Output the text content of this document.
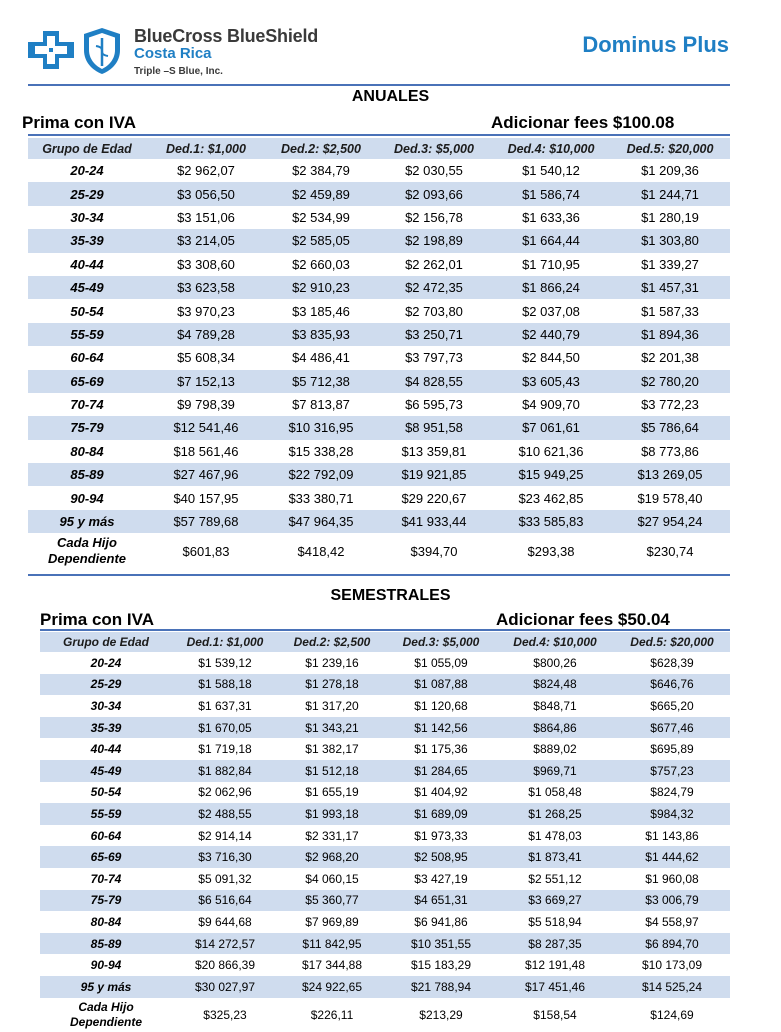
BlueCross BlueShield
Costa Rica
Triple –S Blue, Inc.
Dominus Plus
ANUALES
Prima con IVA	Adicionar fees $100.08
Grupo de Edad	Ded.1: $1,000	Ded.2: $2,500	Ded.3: $5,000	Ded.4: $10,000	Ded.5: $20,000
20-24	$2 962,07	$2 384,79	$2 030,55	$1 540,12	$1 209,36
25-29	$3 056,50	$2 459,89	$2 093,66	$1 586,74	$1 244,71
30-34	$3 151,06	$2 534,99	$2 156,78	$1 633,36	$1 280,19
35-39	$3 214,05	$2 585,05	$2 198,89	$1 664,44	$1 303,80
40-44	$3 308,60	$2 660,03	$2 262,01	$1 710,95	$1 339,27
45-49	$3 623,58	$2 910,23	$2 472,35	$1 866,24	$1 457,31
50-54	$3 970,23	$3 185,46	$2 703,80	$2 037,08	$1 587,33
55-59	$4 789,28	$3 835,93	$3 250,71	$2 440,79	$1 894,36
60-64	$5 608,34	$4 486,41	$3 797,73	$2 844,50	$2 201,38
65-69	$7 152,13	$5 712,38	$4 828,55	$3 605,43	$2 780,20
70-74	$9 798,39	$7 813,87	$6 595,73	$4 909,70	$3 772,23
75-79	$12 541,46	$10 316,95	$8 951,58	$7 061,61	$5 786,64
80-84	$18 561,46	$15 338,28	$13 359,81	$10 621,36	$8 773,86
85-89	$27 467,96	$22 792,09	$19 921,85	$15 949,25	$13 269,05
90-94	$40 157,95	$33 380,71	$29 220,67	$23 462,85	$19 578,40
95 y más	$57 789,68	$47 964,35	$41 933,44	$33 585,83	$27 954,24

Cada Hijo
Dependiente	$601,83	$418,42	$394,70	$293,38	$230,74
SEMESTRALES
Prima con IVA	Adicionar fees $50.04
Grupo de Edad	Ded.1: $1,000	Ded.2: $2,500	Ded.3: $5,000	Ded.4: $10,000	Ded.5: $20,000
20-24	$1 539,12	$1 239,16	$1 055,09	$800,26	$628,39
25-29	$1 588,18	$1 278,18	$1 087,88	$824,48	$646,76
30-34	$1 637,31	$1 317,20	$1 120,68	$848,71	$665,20
35-39	$1 670,05	$1 343,21	$1 142,56	$864,86	$677,46
40-44	$1 719,18	$1 382,17	$1 175,36	$889,02	$695,89
45-49	$1 882,84	$1 512,18	$1 284,65	$969,71	$757,23
50-54	$2 062,96	$1 655,19	$1 404,92	$1 058,48	$824,79
55-59	$2 488,55	$1 993,18	$1 689,09	$1 268,25	$984,32
60-64	$2 914,14	$2 331,17	$1 973,33	$1 478,03	$1 143,86
65-69	$3 716,30	$2 968,20	$2 508,95	$1 873,41	$1 444,62
70-74	$5 091,32	$4 060,15	$3 427,19	$2 551,12	$1 960,08
75-79	$6 516,64	$5 360,77	$4 651,31	$3 669,27	$3 006,79
80-84	$9 644,68	$7 969,89	$6 941,86	$5 518,94	$4 558,97
85-89	$14 272,57	$11 842,95	$10 351,55	$8 287,35	$6 894,70
90-94	$20 866,39	$17 344,88	$15 183,29	$12 191,48	$10 173,09
95 y más	$30 027,97	$24 922,65	$21 788,94	$17 451,46	$14 525,24

Cada Hijo
Dependiente	$325,23	$226,11	$213,29	$158,54	$124,69
